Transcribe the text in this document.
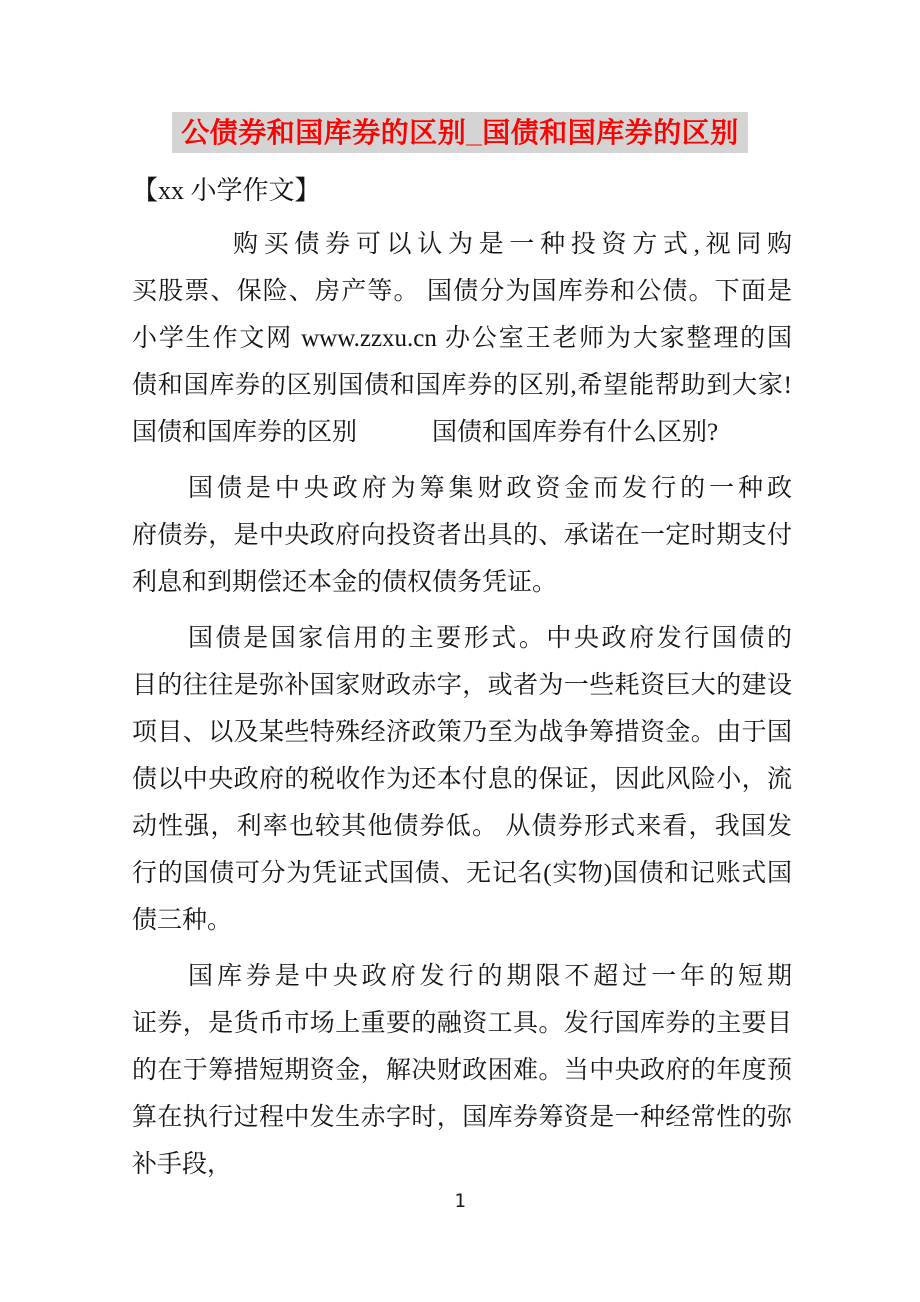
公债券和国库券的区别_国债和国库券的区别
【xx 小学作文】
购买债券可以认为是一种投资方式,视同购
买股票、保险、房产等。 国债分为国库券和公债。下面是
小学生作文网 www.zzxu.cn 办公室王老师为大家整理的国
债和国库券的区别国债和国库券的区别,希望能帮助到大家!
国债和国库券的区别　　　国债和国库券有什么区别?
国债是中央政府为筹集财政资金而发行的一种政
府债券，是中央政府向投资者出具的、承诺在一定时期支付
利息和到期偿还本金的债权债务凭证。
国债是国家信用的主要形式。中央政府发行国债的
目的往往是弥补国家财政赤字，或者为一些耗资巨大的建设
项目、以及某些特殊经济政策乃至为战争筹措资金。由于国
债以中央政府的税收作为还本付息的保证，因此风险小，流
动性强，利率也较其他债券低。 从债券形式来看，我国发
行的国债可分为凭证式国债、无记名(实物)国债和记账式国
债三种。
国库券是中央政府发行的期限不超过一年的短期
证券，是货币市场上重要的融资工具。发行国库券的主要目
的在于筹措短期资金，解决财政困难。当中央政府的年度预
算在执行过程中发生赤字时，国库券筹资是一种经常性的弥
补手段，
1
